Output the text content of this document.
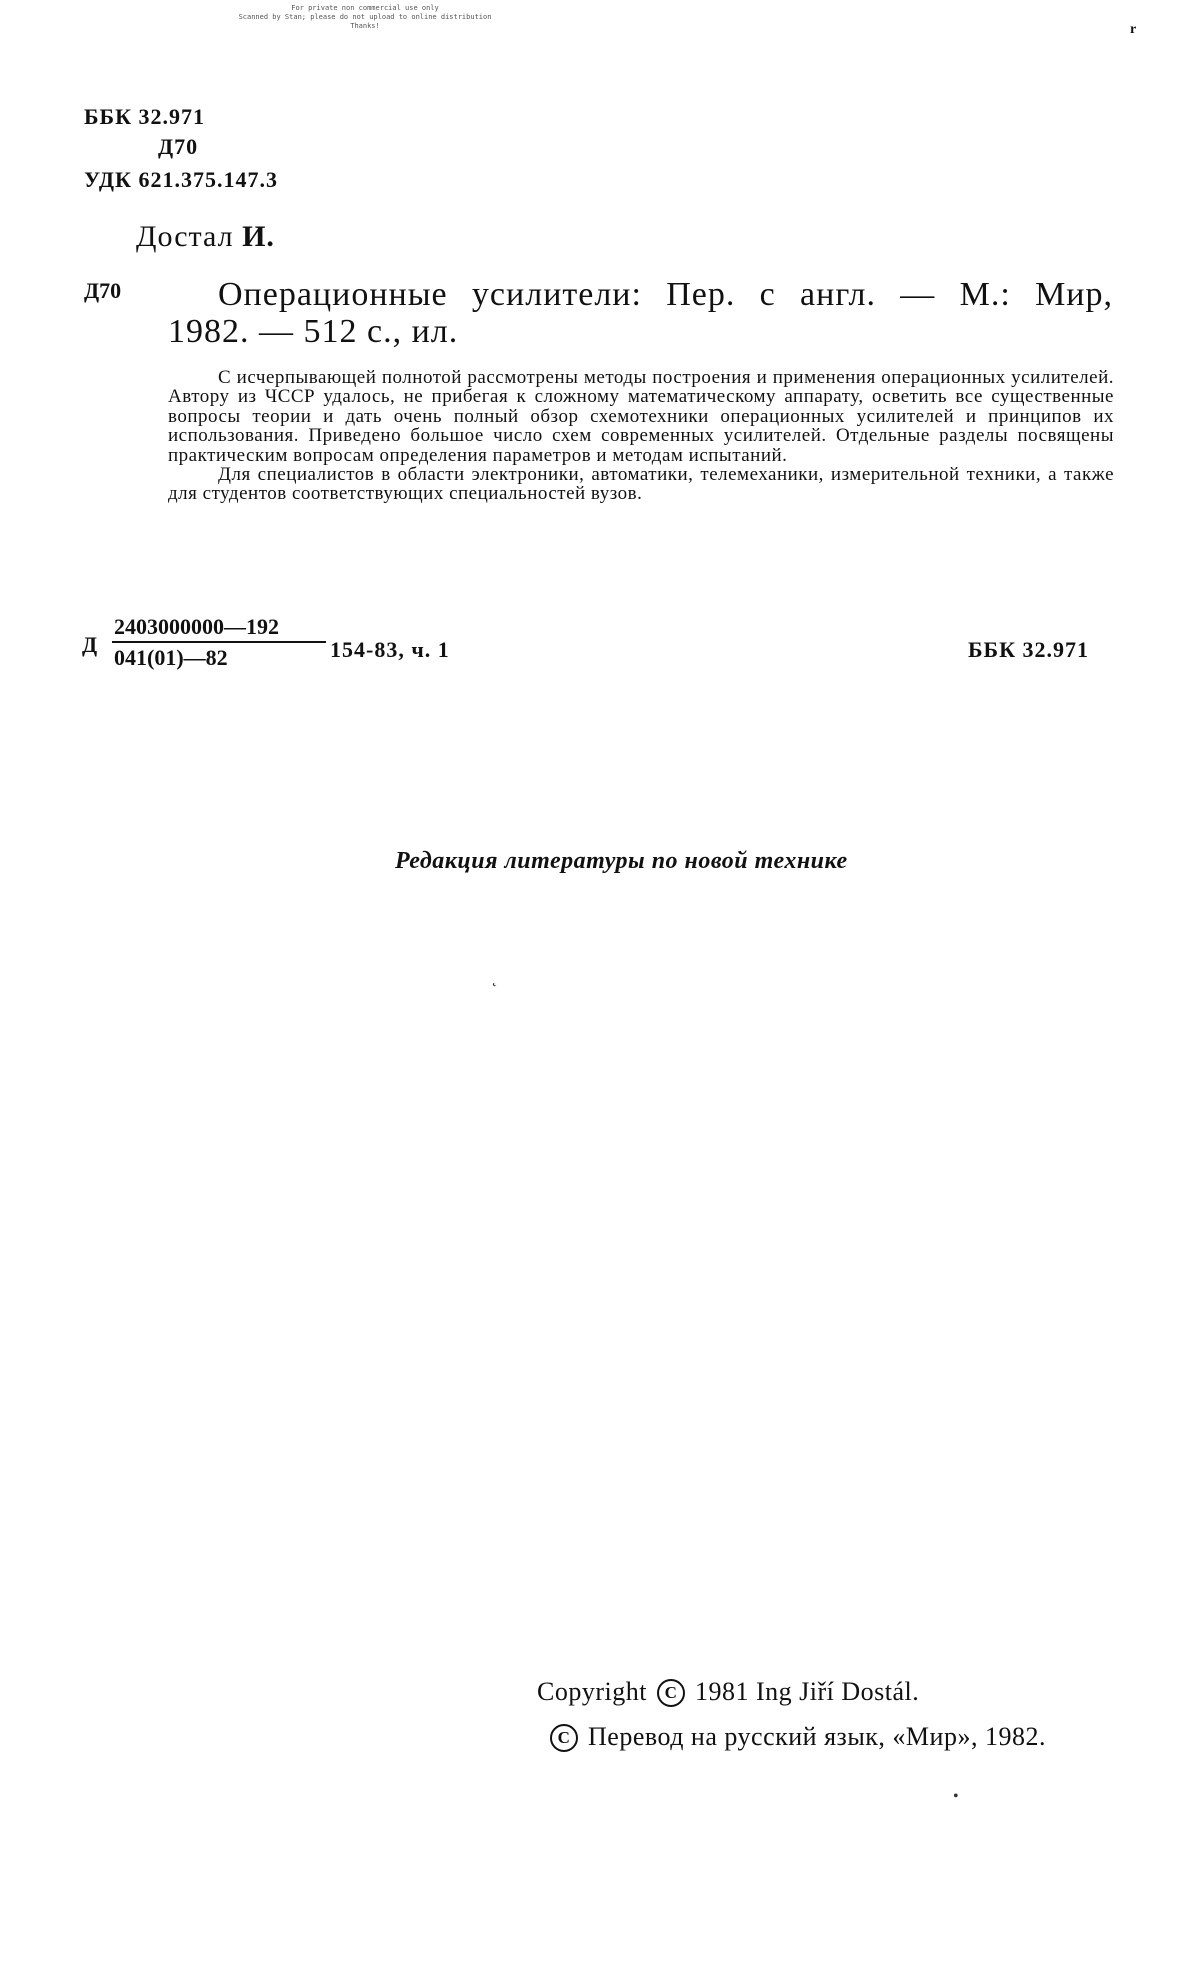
For private non commercial use only
Scanned by Stan; please do not upload to online distribution
Thanks!	r
ББК 32.971
Д70
УДК 621.375.147.3
Достал И.
Д70	Операционные усилители: Пер. с англ. — М.: Мир,
1982. — 512 с., ил.

С исчерпывающей полнотой рассмотрены методы построения и применения операционных усилителей. Автору из ЧССР удалось, не прибегая к сложному математическому аппарату, осветить все существенные вопросы теории и дать очень полный обзор схемотехники операционных усилителей и принципов их использования. Приведено большое число схем современных усилителей. Отдельные разделы посвящены практическим вопросам определения параметров и методам испытаний.

Для специалистов в области электроники, автоматики, телемеханики, измерительной техники, а также для студентов соответствующих специальностей вузов.

Д
2403000000—192
041(01)—82	154-83, ч. 1	ББК 32.971
Редакция литературы по новой технике
˛
•
Copyright C 1981 Ing Jiří Dostál.
C Перевод на русский язык, «Мир», 1982.
